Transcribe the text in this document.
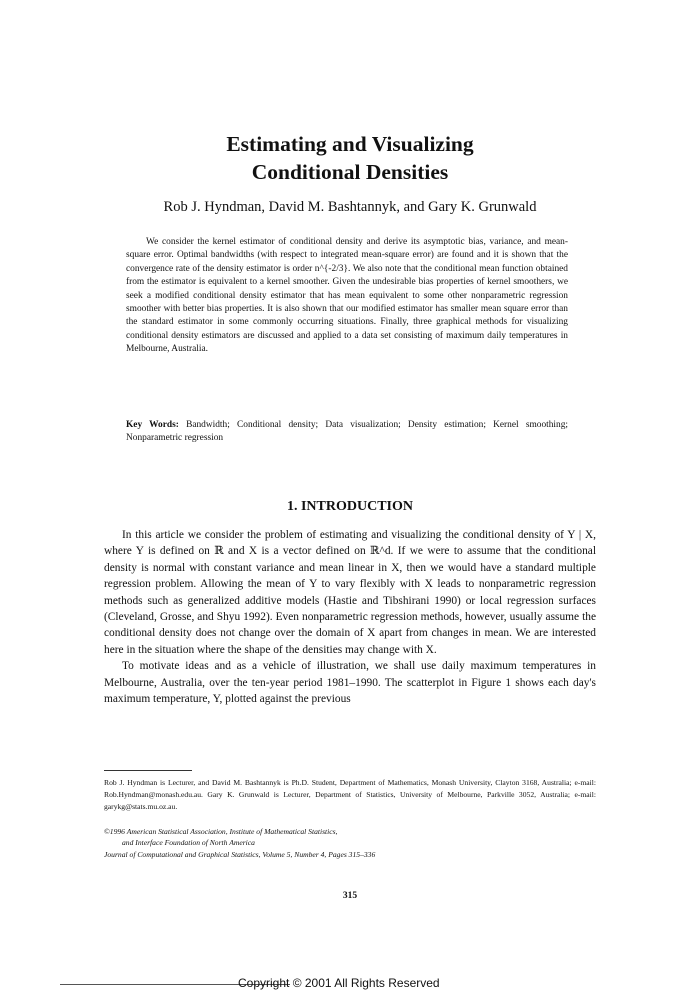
Estimating and Visualizing
Conditional Densities
Rob J. Hyndman, David M. Bashtannyk, and Gary K. Grunwald

We consider the kernel estimator of conditional density and derive its asymptotic bias, variance, and mean-square error. Optimal bandwidths (with respect to integrated mean-square error) are found and it is shown that the convergence rate of the density estimator is order n^{-2/3}. We also note that the conditional mean function obtained from the estimator is equivalent to a kernel smoother. Given the undesirable bias properties of kernel smoothers, we seek a modified conditional density estimator that has mean equivalent to some other nonparametric regression smoother with better bias properties. It is also shown that our modified estimator has smaller mean square error than the standard estimator in some commonly occurring situations. Finally, three graphical methods for visualizing conditional density estimators are discussed and applied to a data set consisting of maximum daily temperatures in Melbourne, Australia.

Key Words: Bandwidth; Conditional density; Data visualization; Density estimation; Kernel smoothing; Nonparametric regression
1. INTRODUCTION

In this article we consider the problem of estimating and visualizing the conditional density of Y | X, where Y is defined on ℝ and X is a vector defined on ℝ^d. If we were to assume that the conditional density is normal with constant variance and mean linear in X, then we would have a standard multiple regression problem. Allowing the mean of Y to vary flexibly with X leads to nonparametric regression methods such as generalized additive models (Hastie and Tibshirani 1990) or local regression surfaces (Cleveland, Grosse, and Shyu 1992). Even nonparametric regression methods, however, usually assume the conditional density does not change over the domain of X apart from changes in mean. We are interested here in the situation where the shape of the densities may change with X.

To motivate ideas and as a vehicle of illustration, we shall use daily maximum temperatures in Melbourne, Australia, over the ten-year period 1981–1990. The scatterplot in Figure 1 shows each day's maximum temperature, Y, plotted against the previous

Rob J. Hyndman is Lecturer, and David M. Bashtannyk is Ph.D. Student, Department of Mathematics, Monash University, Clayton 3168, Australia; e-mail: Rob.Hyndman@monash.edu.au. Gary K. Grunwald is Lecturer, Department of Statistics, University of Melbourne, Parkville 3052, Australia; e-mail: garykg@stats.mu.oz.au.
©1996 American Statistical Association, Institute of Mathematical Statistics,
and Interface Foundation of North America
Journal of Computational and Graphical Statistics, Volume 5, Number 4, Pages 315–336
315
Copyright © 2001 All Rights Reserved
